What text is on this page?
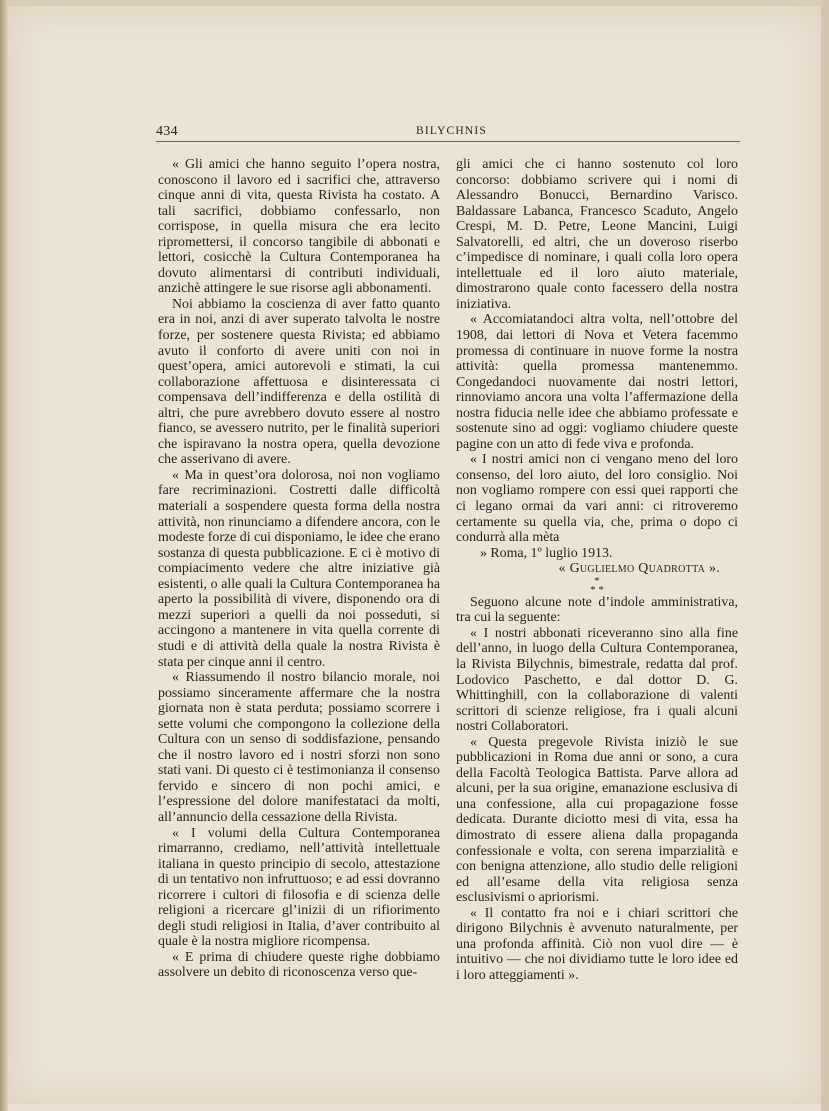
434	BILYCHNIS

« Gli amici che hanno seguito l’opera nostra, conoscono il lavoro ed i sacrifici che, attraverso cinque anni di vita, questa Rivista ha costato. A tali sacrifici, dobbiamo confessarlo, non corrispose, in quella misura che era lecito ripromettersi, il concorso tangibile di abbonati e lettori, cosicchè la Cultura Contemporanea ha dovuto alimentarsi di contributi individuali, anzichè attingere le sue risorse agli abbonamenti.

Noi abbiamo la coscienza di aver fatto quanto era in noi, anzi di aver superato talvolta le nostre forze, per sostenere questa Rivista; ed abbiamo avuto il conforto di avere uniti con noi in quest’opera, amici autorevoli e stimati, la cui collaborazione affettuosa e disinteressata ci compensava dell’indifferenza e della ostilità di altri, che pure avrebbero dovuto essere al nostro fianco, se avessero nutrito, per le finalità superiori che ispiravano la nostra opera, quella devozione che asserivano di avere.

« Ma in quest’ora dolorosa, noi non vogliamo fare recriminazioni. Costretti dalle difficoltà materiali a sospendere questa forma della nostra attività, non rinunciamo a difendere ancora, con le modeste forze di cui disponiamo, le idee che erano sostanza di questa pubblicazione. E ci è motivo di compiacimento vedere che altre iniziative già esistenti, o alle quali la Cultura Contemporanea ha aperto la possibilità di vivere, disponendo ora di mezzi superiori a quelli da noi posseduti, si accingono a mantenere in vita quella corrente di studi e di attività della quale la nostra Rivista è stata per cinque anni il centro.

« Riassumendo il nostro bilancio morale, noi possiamo sinceramente affermare che la nostra giornata non è stata perduta; possiamo scorrere i sette volumi che compongono la collezione della Cultura con un senso di soddisfazione, pensando che il nostro lavoro ed i nostri sforzi non sono stati vani. Di questo ci è testimonianza il consenso fervido e sincero di non pochi amici, e l’espressione del dolore manifestataci da molti, all’annuncio della cessazione della Rivista.

« I volumi della Cultura Contemporanea rimarranno, crediamo, nell’attività intellettuale italiana in questo principio di secolo, attestazione di un tentativo non infruttuoso; e ad essi dovranno ricorrere i cultori di filosofia e di scienza delle religioni a ricercare gl’inizii di un rifiorimento degli studi religiosi in Italia, d’aver contribuito al quale è la nostra migliore ricompensa.

« E prima di chiudere queste righe dobbiamo assolvere un debito di riconoscenza verso que-

gli amici che ci hanno sostenuto col loro concorso: dobbiamo scrivere qui i nomi di Alessandro Bonucci, Bernardino Varisco. Baldassare Labanca, Francesco Scaduto, Angelo Crespi, M. D. Petre, Leone Mancini, Luigi Salvatorelli, ed altri, che un doveroso riserbo c’impedisce di nominare, i quali colla loro opera intellettuale ed il loro aiuto materiale, dimostrarono quale conto facessero della nostra iniziativa.

« Accomiatandoci altra volta, nell’ottobre del 1908, dai lettori di Nova et Vetera facemmo promessa di continuare in nuove forme la nostra attività: quella promessa mantenemmo. Congedandoci nuovamente dai nostri lettori, rinnoviamo ancora una volta l’affermazione della nostra fiducia nelle idee che abbiamo professate e sostenute sino ad oggi: vogliamo chiudere queste pagine con un atto di fede viva e profonda.

« I nostri amici non ci vengano meno del loro consenso, del loro aiuto, del loro consiglio. Noi non vogliamo rompere con essi quei rapporti che ci legano ormai da vari anni: ci ritroveremo certamente su quella via, che, prima o dopo ci condurrà alla mèta

» Roma, 1º luglio 1913.

« Guglielmo Quadrotta ».

*
* *

Seguono alcune note d’indole amministrativa, tra cui la seguente:

« I nostri abbonati riceveranno sino alla fine dell’anno, in luogo della Cultura Contemporanea, la Rivista Bilychnis, bimestrale, redatta dal prof. Lodovico Paschetto, e dal dottor D. G. Whittinghill, con la collaborazione di valenti scrittori di scienze religiose, fra i quali alcuni nostri Collaboratori.

« Questa pregevole Rivista iniziò le sue pubblicazioni in Roma due anni or sono, a cura della Facoltà Teologica Battista. Parve allora ad alcuni, per la sua origine, emanazione esclusiva di una confessione, alla cui propagazione fosse dedicata. Durante diciotto mesi di vita, essa ha dimostrato di essere aliena dalla propaganda confessionale e volta, con serena imparzialità e con benigna attenzione, allo studio delle religioni ed all’esame della vita religiosa senza esclusivismi o apriorismi.

« Il contatto fra noi e i chiari scrittori che dirigono Bilychnis è avvenuto naturalmente, per una profonda affinità. Ciò non vuol dire — è intuitivo — che noi dividiamo tutte le loro idee ed i loro atteggiamenti ».
